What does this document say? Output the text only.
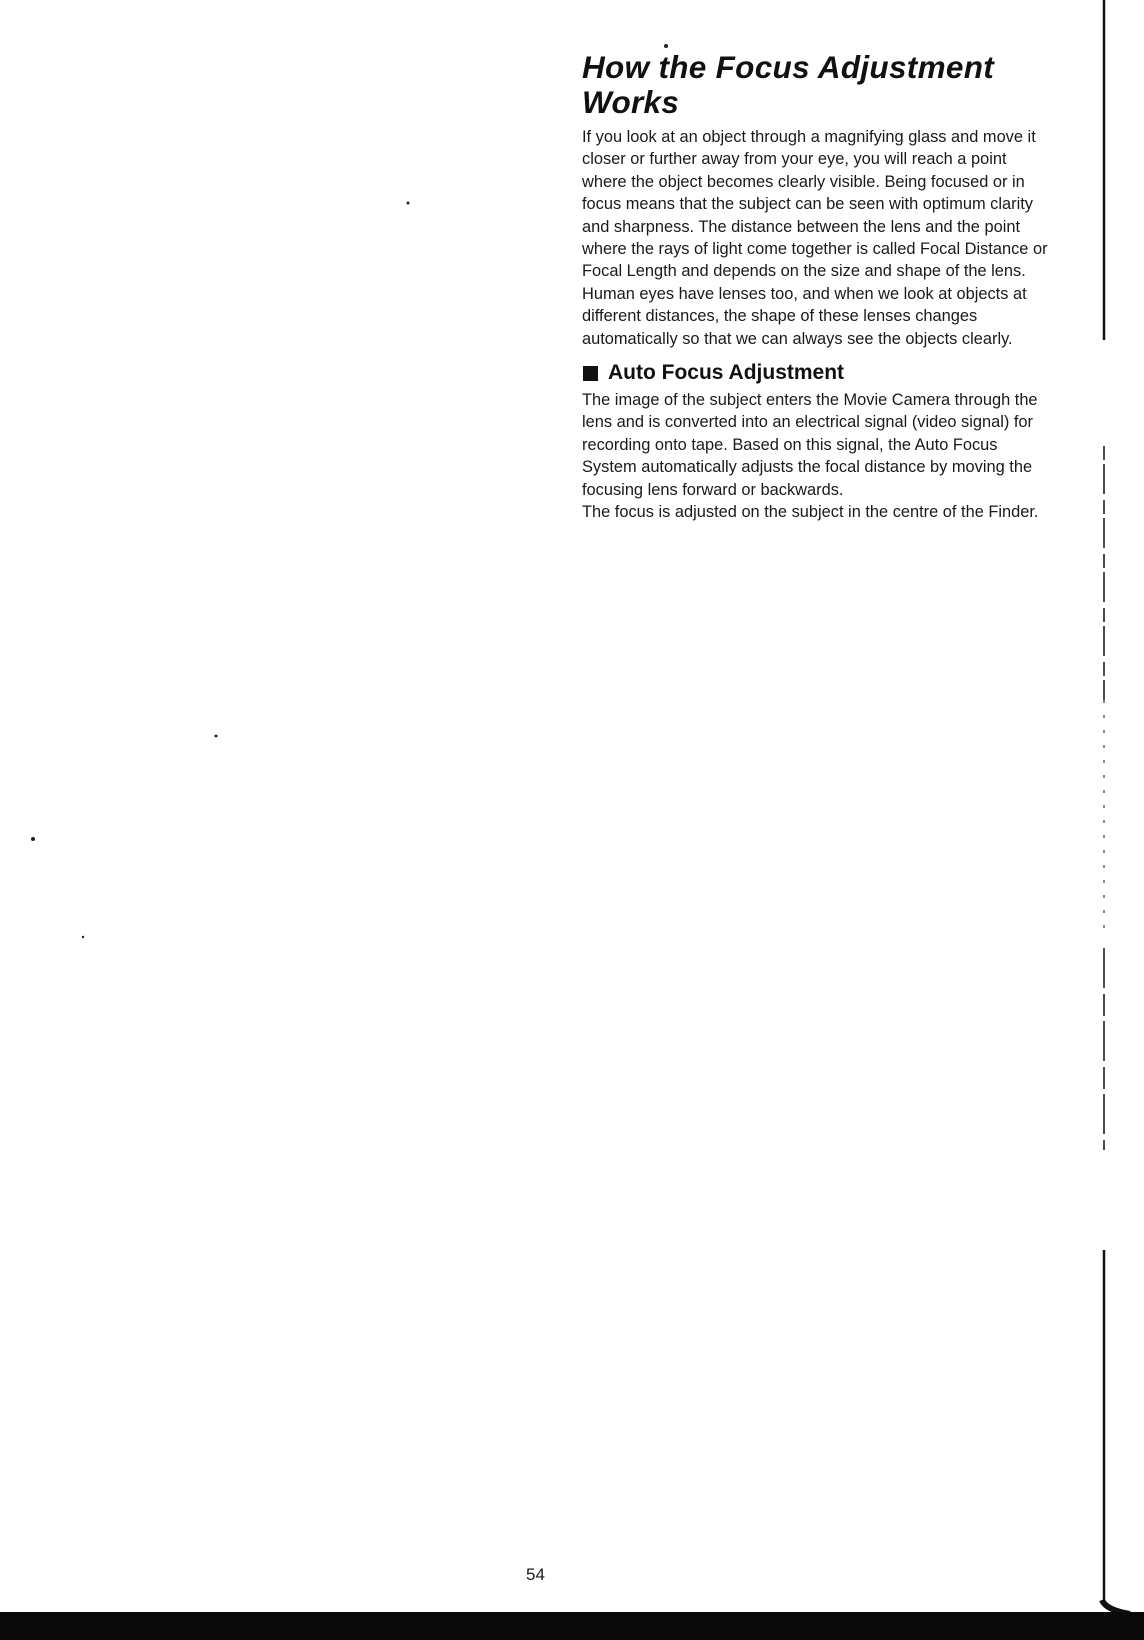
How the Focus Adjustment Works
If you look at an object through a magnifying glass and move it closer or further away from your eye, you will reach a point where the object becomes clearly visible. Being focused or in focus means that the subject can be seen with optimum clarity and sharpness. The distance between the lens and the point where the rays of light come together is called Focal Distance or Focal Length and depends on the size and shape of the lens.
Human eyes have lenses too, and when we look at objects at different distances, the shape of these lenses changes automatically so that we can always see the objects clearly.
Auto Focus Adjustment
The image of the subject enters the Movie Camera through the lens and is converted into an electrical signal (video signal) for recording onto tape. Based on this signal, the Auto Focus System automatically adjusts the focal distance by moving the focusing lens forward or backwards.
The focus is adjusted on the subject in the centre of the Finder.
54
